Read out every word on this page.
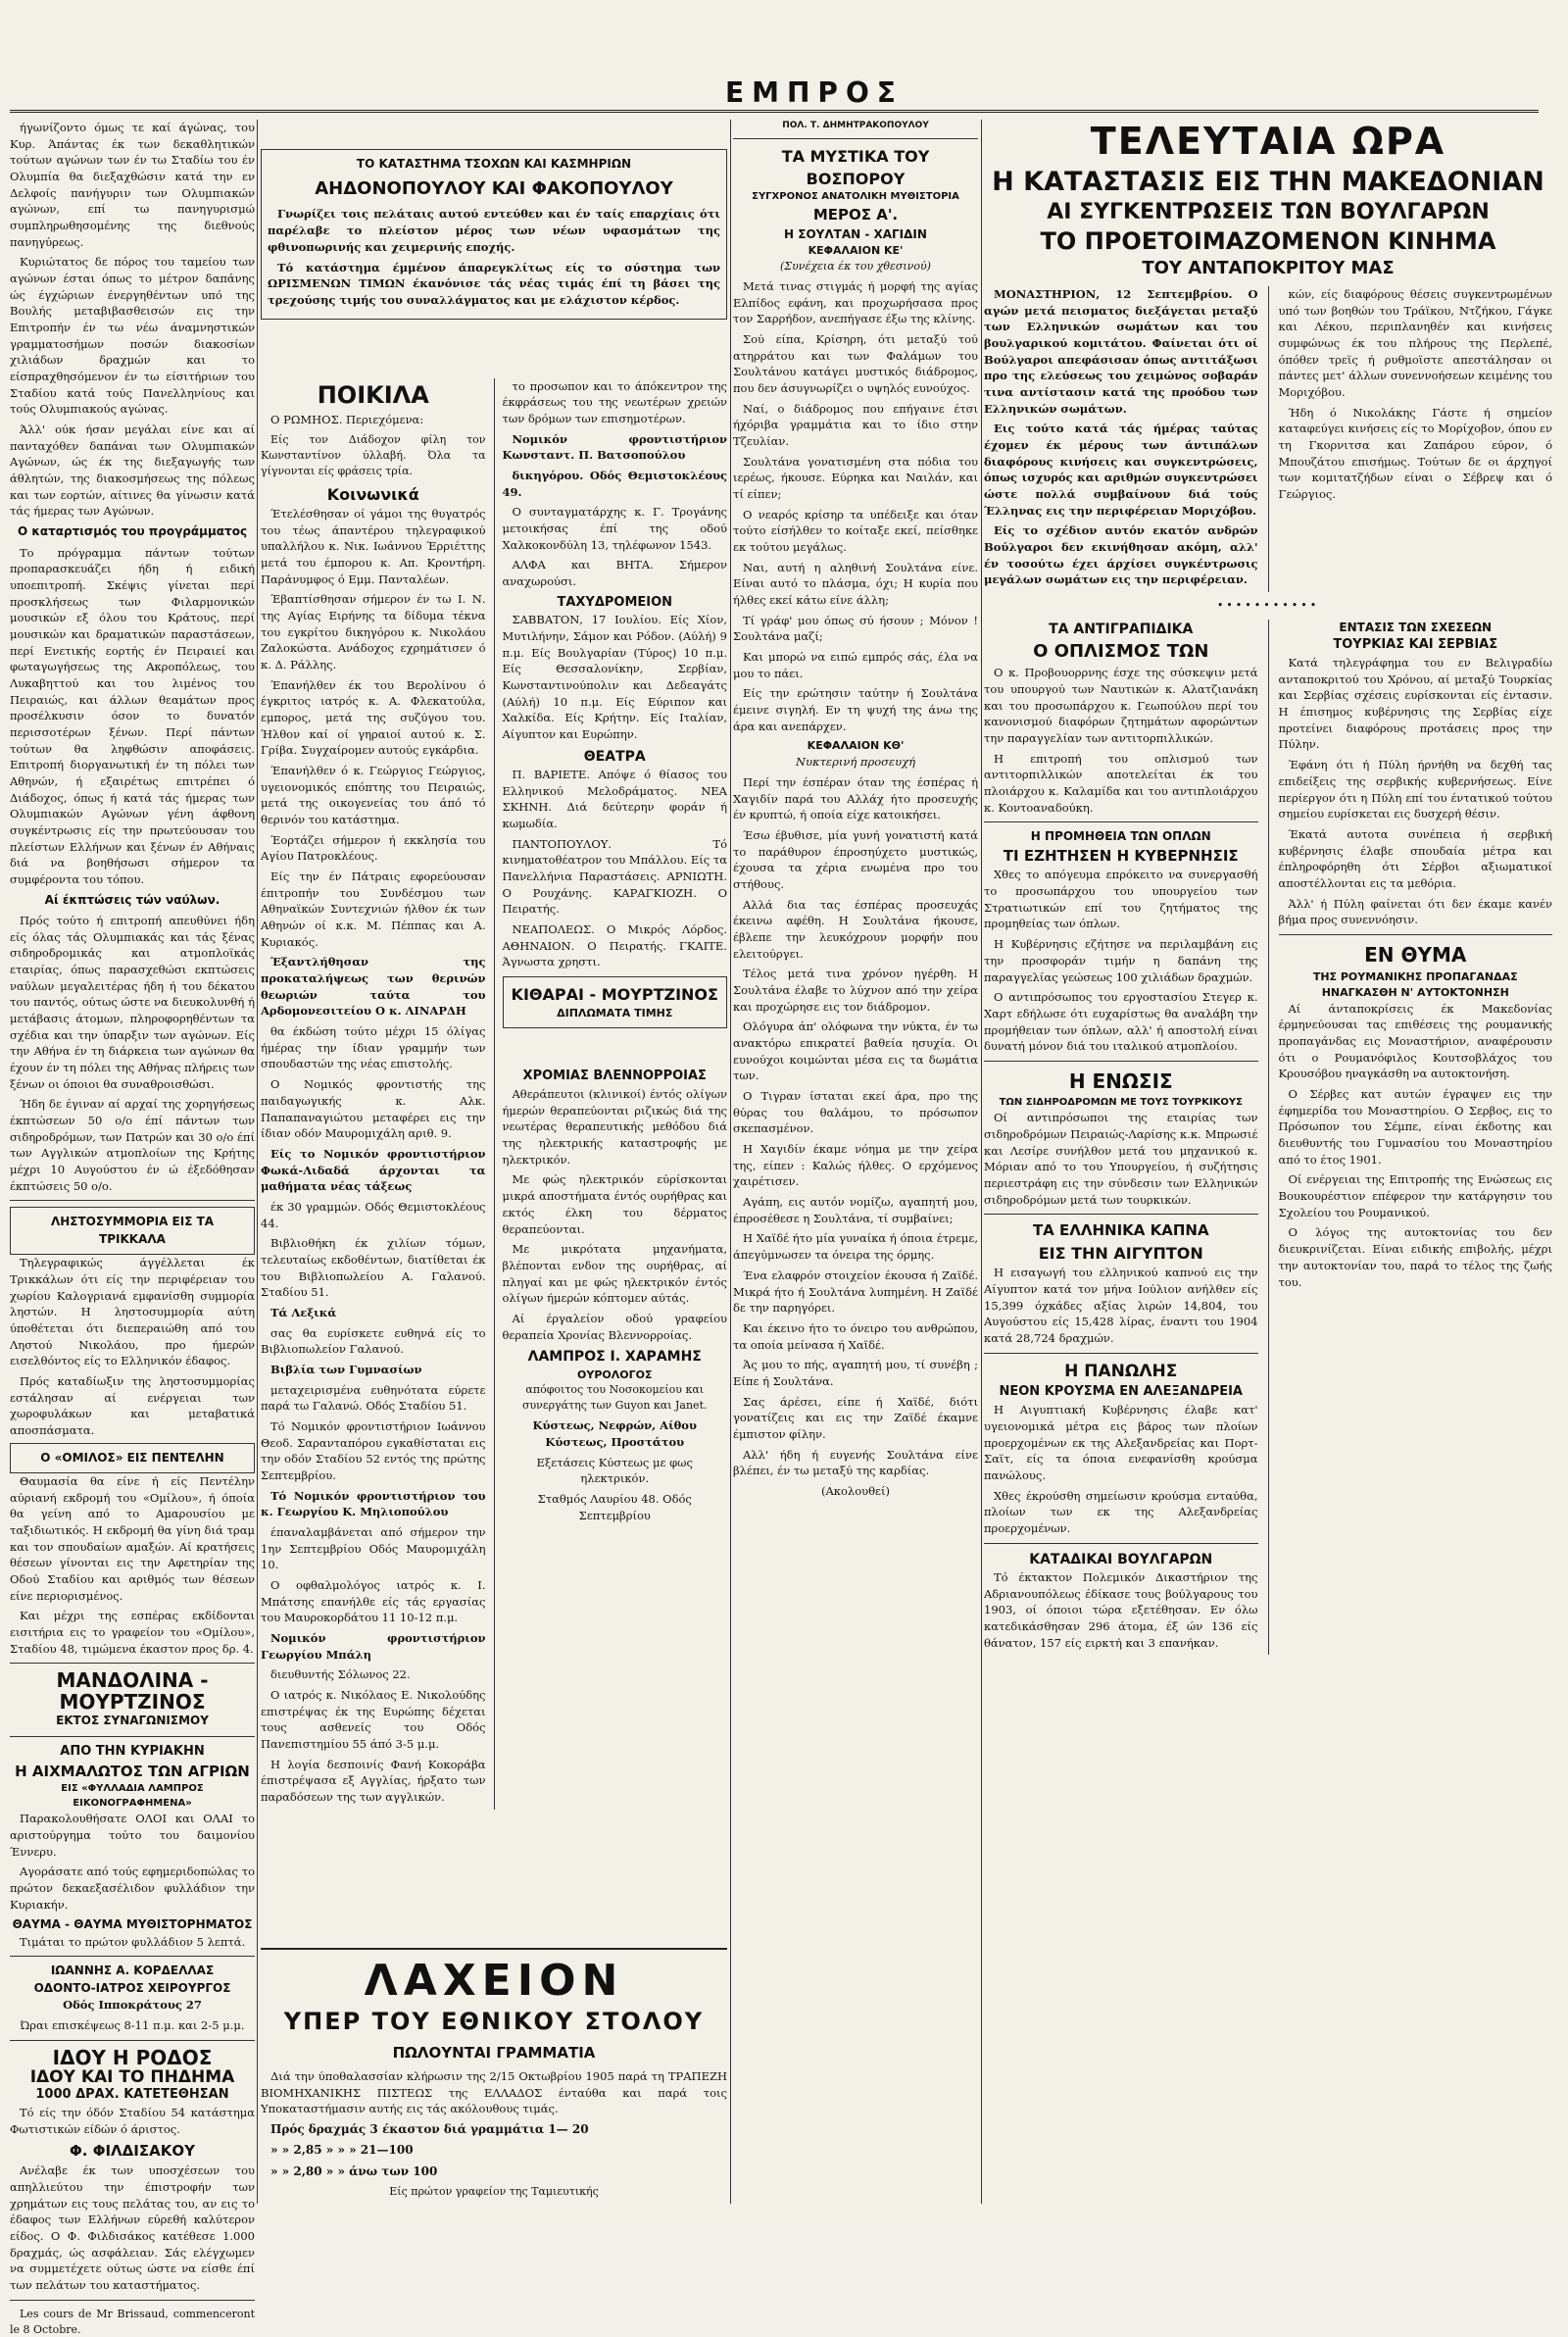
ΕΜΠΡΟΣ

ήγωνίζοντο όμως τε καί άγώνας, του Κυρ. Άπάντας έκ των δεκαθλητικών τούτων αγώνων των έν τω Σταδίω του έν Ολυμπία θα διεξαχθώσιν κατά την εν Δελφοίς πανήγυριν των Ολυμπιακών αγώνων, επί τω πανηγυρισμώ συμπληρωθησομένης της διεθνούς πανηγύρεως.

Κυριώτατος δε πόρος του ταμείου των αγώνων έσται όπως το μέτρον δαπάνης ώς έγχώριων ένεργηθέντων υπό της Βουλής μεταβιβασθεισών εις την Επιτροπήν έν τω νέω άναμνηστικών γραμματοσήμων ποσών διακοσίων χιλιάδων δραχμών και το είσπραχθησόμενον έν τω είσιτήριων του Σταδίου κατά τούς Πανελληνίους και τούς Ολυμπιακούς αγώνας.

Άλλ' ούκ ήσαν μεγάλαι είνε και αί πανταχόθεν δαπάναι των Ολυμπιακών Αγώνων, ώς έκ της διεξαγωγής των άθλητών, της διακοσμήσεως της πόλεως και των εορτών, αίτινες θα γίνωσιν κατά τάς ήμερας των Αγώνων.

Ο καταρτισμός του προγράμματος

Το πρόγραμμα πάντων τούτων προπαρασκευάζει ήδη ή ειδική υποεπιτροπή. Σκέψις γίνεται περί προσκλήσεως των Φιλαρμονικών μουσικών εξ όλου του Κράτους, περί μουσικών και δραματικών παραστάσεων, περί Ενετικής εορτής έν Πειραιεί και φωταγωγήσεως της Ακροπόλεως, του Λυκαβηττού και του λιμένος του Πειραιώς, και άλλων θεαμάτων προς προσέλκυσιν όσον το δυνατόν περισσοτέρων ξένων. Περί πάντων τούτων θα ληφθώσιν αποφάσεις. Επιτροπή διοργανωτική έν τη πόλει των Αθηνών, ή εξαιρέτως επιτρέπει ό Διάδοχος, όπως ή κατά τάς ήμερας των Ολυμπιακών Αγώνων γένη άφθονη συγκέντρωσις είς την πρωτεύουσαν του πλείστων Ελλήνων και ξένων έν Αθήναις διά να βοηθήσωσι σήμερον τα συμφέροντα του τόπου.

Αί έκπτώσεις τών ναύλων.

Πρός τούτο ή επιτροπή απευθύνει ήδη είς όλας τάς Ολυμπιακάς και τάς ξένας σιδηροδρομικάς και ατμοπλοϊκάς εταιρίας, όπως παρασχεθώσι εκπτώσεις ναύλων μεγαλειτέρας ήδη ή του δέκατου του παντός, ούτως ώστε να διευκολυνθή ή μετάβασις άτομων, πληροφορηθέντων τα σχέδια και την ύπαρξιν των αγώνων. Είς την Αθήνα έν τη διάρκεια των αγώνων θα έχουν έν τη πόλει της Αθήνας πλήρεις των ξένων οι όποιοι θα συναθροισθώσι.

Ήδη δε έγιναν αί αρχαί της χορηγήσεως έκπτώσεων 50 ο/ο έπί πάντων των σιδηροδρόμων, των Πατρών και 30 ο/ο έπί των Αγγλικών ατμοπλοίων της Κρήτης μέχρι 10 Αυγούστου έν ώ έξεδόθησαν έκπτώσεις 50 ο/ο.

ΛΗΣΤΟΣΥΜΜΟΡΙΑ ΕΙΣ ΤΑ ΤΡΙΚΚΑΛΑ

Τηλεγραφικώς άγγέλλεται έκ Τρικκάλων ότι είς την περιφέρειαν του χωρίου Καλογριανά εμφανίσθη συμμορία ληστών. Η ληστοσυμμορία αύτη ύποθέτεται ότι διεπεραιώθη από του Ληστού Νικολάου, προ ήμερών εισελθόντος είς το Ελληνικόν έδαφος.

Πρός καταδίωξιν της ληστοσυμμορίας εστάλησαν αί ενέργειαι των χωροφυλάκων και μεταβατικά αποσπάσματα.

Ο «ΟΜΙΛΟΣ» ΕΙΣ ΠΕΝΤΕΛΗΝ

Θαυμασία θα είνε ή είς Πεντέλην αύριανή εκδρομή του «Ομίλου», ή όποία θα γείνη από το Αμαρουσίου με ταξιδιωτικός. Η εκδρομή θα γίνη διά τραμ και τον σπουδαίων αμαξών. Αί κρατήσεις θέσεων γίνονται εις την Αφετηρίαν της Οδού Σταδίου και αριθμός των θέσεων είνε περιορισμένος.

Και μέχρι της εσπέρας εκδίδονται εισιτήρια εις το γραφείον του «Ομίλου», Σταδίου 48, τιμώμενα έκαστον προς δρ. 4.

ΜΑΝΔΟΛΙΝΑ - ΜΟΥΡΤΖΙΝΟΣ
ΕΚΤΟΣ ΣΥΝΑΓΩΝΙΣΜΟΥ
ΑΠΟ ΤΗΝ ΚΥΡΙΑΚΗΝ
Η ΑΙΧΜΑΛΩΤΟΣ ΤΩΝ ΑΓΡΙΩΝ
ΕΙΣ «ΦΥΛΛΑΔΙΑ ΛΑΜΠΡΟΣ ΕΙΚΟΝΟΓΡΑΦΗΜΕΝΑ»

Παρακολουθήσατε ΟΛΟΙ και ΟΛΑΙ το αριστούργημα τούτο του δαιμονίου Έννερυ.

Αγοράσατε από τούς εφημεριδοπώλας το πρώτον δεκαεξασέλιδον φυλλάδιον την Κυριακήν.

ΘΑΥΜΑ - ΘΑΥΜΑ ΜΥΘΙΣΤΟΡΗΜΑΤΟΣ

Τιμάται το πρώτον φυλλάδιον 5 λεπτά.

ΙΩΑΝΝΗΣ Α. ΚΟΡΔΕΛΛΑΣ
ΟΔΟΝΤΟ-ΙΑΤΡΟΣ ΧΕΙΡΟΥΡΓΟΣ

Οδός Ιπποκράτους 27

Ώραι επισκέψεως 8-11 π.μ. και 2-5 μ.μ.

ΙΔΟΥ Η ΡΟΔΟΣ
ΙΔΟΥ ΚΑΙ ΤΟ ΠΗΔΗΜΑ
1000 ΔΡΑΧ. ΚΑΤΕΤΕΘΗΣΑΝ

Τό είς την όδόν Σταδίου 54 κατάστημα Φωτιστικών είδών ό άριστος.

Φ. ΦΙΛΔΙΣΑΚΟΥ

Ανέλαβε έκ των υποσχέσεων του απηλλιεύτου την έπιστροφήν των χρημάτων εις τους πελάτας του, αν εις το έδαφος των Ελλήνων εύρεθή καλύτερον είδος. Ο Φ. Φιλδισάκος κατέθεσε 1.000 δραχμάς, ώς ασφάλειαν. Σάς ελέγχωμεν να συμμετέχετε ούτως ώστε να είσθε έπί των πελάτων του καταστήματος.

Les cours de Mr Brissaud, commenceront le 8 Octobre.

ΤΟ ΚΑΤΑΣΤΗΜΑ ΤΣΟΧΩΝ ΚΑΙ ΚΑΣΜΗΡΙΩΝ
ΑΗΔΟΝΟΠΟΥΛΟΥ ΚΑΙ ΦΑΚΟΠΟΥΛΟΥ

Γνωρίζει τοις πελάταις αυτού εντεύθεν και έν ταίς επαρχίαις ότι παρέλαβε το πλείστον μέρος των νέων υφασμάτων της φθινοπωρινής και χειμερινής εποχής.

Τό κατάστημα έμμένον άπαρεγκλίτως είς το σύστημα των ΩΡΙΣΜΕΝΩΝ ΤΙΜΩΝ έκανόνισε τάς νέας τιμάς έπί τη βάσει της τρεχούσης τιμής του συναλλάγματος και με ελάχιστον κέρδος.

ΠΟΙΚΙΛΑ

Ο ΡΩΜΗΟΣ. Περιεχόμενα:

Είς τον Διάδοχον φίλη τον Κωνσταντίνον ύλλαβή. Όλα τα γίγνονται είς φράσεις τρία.

Κοινωνικά

Έτελέσθησαν οί γάμοι της θυγατρός του τέως άπαντέρου τηλεγραφικού υπαλλήλου κ. Νικ. Ιωάννου Έρριέττης μετά του έμπορου κ. Απ. Κροντήρη. Παράνυμφος ό Εμμ. Πανταλέων.

Έβαπτίσθησαν σήμερον έν τω Ι. Ν. της Αγίας Ειρήνης τα δίδυμα τέκνα του εγκρίτου δικηγόρου κ. Νικολάου Ζαλοκώστα. Ανάδοχος εχρημάτισεν ό κ. Δ. Ράλλης.

Έπανήλθεν έκ του Βερολίνου ό έγκριτος ιατρός κ. Α. Φλεκατούλα, εμπορος, μετά της συζύγου του. Ήλθον καί οί γηραιοί αυτού κ. Σ. Γρίβα. Συγχαίρομεν αυτούς εγκάρδια.

Έπανήλθεν ό κ. Γεώργιος Γεώργιος, υγειονομικός επόπτης του Πειραιώς, μετά της οικογενείας του άπό τό θερινόν του κατάστημα.

Έορτάζει σήμερον ή εκκλησία του Αγίου Πατροκλέους.

Είς την έν Πάτραις εφορεύουσαν έπιτροπήν του Συνδέσμου των Αθηναϊκών Συντεχνιών ήλθον έκ των Αθηνών οί κ.κ. Μ. Πέππας και Α. Κυριακός.

Έξαντλήθησαν της προκαταλήψεως των θερινών θεωριών ταύτα του Αρδομονεσιτείου Ο κ. ΛΙΝΑΡΔΗ

θα έκδώση τούτο μέχρι 15 όλίγας ήμέρας την ίδιαν γραμμήν των σπουδαστών της νέας επιστολής.

Ο Νομικός φροντιστής της παιδαγωγικής κ. Αλκ. Παπαπαναγιώτου μεταφέρει εις την ίδιαν οδόν Μαυρομιχάλη αριθ. 9.

Είς το Νομικόν φροντιστήριον Φωκά-Λιδαδά άρχονται τα μαθήματα νέας τάξεως

έκ 30 γραμμών. Οδός Θεμιστοκλέους 44.

Βιβλιοθήκη έκ χιλίων τόμων, τελευταίως εκδοθέντων, διατίθεται έκ του Βιβλιοπωλείου Α. Γαλανού. Σταδίου 51.

Τά Λεξικά

σας θα ευρίσκετε ευθηνά είς το Βιβλιοπωλείον Γαλανού.

Βιβλία των Γυμνασίων

μεταχειρισμένα ευθηνότατα εύρετε παρά τω Γαλανώ. Οδός Σταδίου 51.

Τό Νομικόν φροντιστήριον Ιωάννου Θεοδ. Σαρανταπόρου εγκαθίσταται εις την οδόν Σταδίου 52 εντός της πρώτης Σεπτεμβρίου.

Τό Νομικόν φροντιστήριον του κ. Γεωργίου Κ. Μηλιοπούλου

έπαναλαμβάνεται από σήμερον την 1ην Σεπτεμβρίου Οδός Μαυρομιχάλη 10.

Ο οφθαλμολόγος ιατρός κ. Ι. Μπάτσης επανήλθε είς τάς εργασίας του Μαυροκορδάτου 11 10-12 π.μ.

Νομικόν φροντιστήριον Γεωργίου Μπάλη

διευθυντής Σόλωνος 22.

Ο ιατρός κ. Νικόλαος Ε. Νικολούδης επιστρέψας έκ της Ευρώπης δέχεται τους ασθενείς του Οδός Πανεπιστημίου 55 άπό 3-5 μ.μ.

Η λογία δεσποινίς Φανή Κοκοράβα έπιστρέψασα εξ Αγγλίας, ήρξατο των παραδόσεων της των αγγλικών.

το προσωπον και το άπόκεντρον της έκφράσεως του της νεωτέρων χρειών των δρόμων των επισημοτέρων.

Νομικόν φροντιστήριον Κωνσταντ. Π. Βατσοπούλου

δικηγόρου. Οδός Θεμιστοκλέους 49.

Ο συνταγματάρχης κ. Γ. Τρογάνης μετοικήσας έπί της οδού Χαλκοκονδύλη 13, τηλέφωνον 1543.

ΑΛΦΑ και ΒΗΤΑ. Σήμερον αναχωρούσι.

ΤΑΧΥΔΡΟΜΕΙΟΝ

ΣΑΒΒΑΤΟΝ, 17 Ιουλίου. Είς Χίον, Μυτιλήνην, Σάμον και Ρόδον. (Αύλή) 9 π.μ. Είς Βουλγαρίαν (Τύρος) 10 π.μ. Είς Θεσσαλονίκην, Σερβίαν, Κωνσταντινούπολιν και Δεδεαγάτς (Αύλή) 10 π.μ. Είς Εύριπον και Χαλκίδα. Είς Κρήτην. Είς Ιταλίαν, Αίγυπτον και Ευρώπην.

ΘΕΑΤΡΑ

Π. ΒΑΡΙΕΤΕ. Απόψε ό θίασος του Ελληνικού Μελοδράματος. ΝΕΑ ΣΚΗΝΗ. Διά δεύτερην φοράν ή κωμωδία.

ΠΑΝΤΟΠΟΥΛΟΥ. Τό κινηματοθέατρον του Μπάλλου. Είς τα Πανελλήνια Παραστάσεις. ΑΡΝΙΩΤΗ. Ο Ρουχάνης. ΚΑΡΑΓΚΙΟΖΗ. Ο Πειρατής.

ΝΕΑΠΟΛΕΩΣ. Ο Μικρός Λόρδος. ΑΘΗΝΑΙΟΝ. Ο Πειρατής. ΓΚΑΙΤΕ. Άγνωστα χρηστι.

ΚΙΘΑΡΑΙ - ΜΟΥΡΤΖΙΝΟΣ
ΔΙΠΛΩΜΑΤΑ ΤΙΜΗΣ
ΧΡΟΜΙΑΣ ΒΛΕΝΝΟΡΡΟΙΑΣ

Αθεράπευτοι (κλινικοί) έντός ολίγων ήμερών θεραπεύονται ριζικώς διά της νεωτέρας θεραπευτικής μεθόδου διά της ηλεκτρικής καταστροφής με ηλεκτρικόν.

Με φώς ηλεκτρικόν εύρίσκονται μικρά αποστήματα έντός ουρήθρας και εκτός έλκη του δέρματος θεραπεύονται.

Με μικρότατα μηχανήματα, βλέπονται ενδον της ουρήθρας, αί πληγαί και με φώς ηλεκτρικόν έντός ολίγων ήμερών κόπτομεν αύτάς.

Αί έργαλείον οδού γραφείου θεραπεία Χρονίας Βλεννορροίας.

ΛΑΜΠΡΟΣ Ι. ΧΑΡΑΜΗΣ
ΟΥΡΟΛΟΓΟΣ

απόφοιτος του Νοσοκομείου και συνεργάτης των Guyon και Janet.

Κύστεως, Νεφρών, Αίθου Κύστεως, Προστάτου

Εξετάσεις Κύστεως με φως ηλεκτρικόν.

Σταθμός Λαυρίου 48. Οδός Σεπτεμβρίου

ΛΑΧΕΙΟΝ
ΥΠΕΡ ΤΟΥ ΕΘΝΙΚΟΥ ΣΤΟΛΟΥ
ΠΩΛΟΥΝΤΑΙ ΓΡΑΜΜΑΤΙΑ

Διά την ύποθαλασσίαν κλήρωσιν της 2/15 Οκτωβρίου 1905 παρά τη ΤΡΑΠΕΖΗ ΒΙΟΜΗΧΑΝΙΚΗΣ ΠΙΣΤΕΩΣ της ΕΛΛΑΔΟΣ ένταύθα και παρά τοις Υποκαταστήμασιν αυτής εις τάς ακόλουθους τιμάς.

Πρός δραχμάς 3 έκαστον διά γραμμάτια 1— 20

» » 2,85 » » » 21—100

» » 2,80 » » άνω των 100

Είς πρώτον γραφείον της Ταμιευτικής

ΠΟΛ. Τ. ΔΗΜΗΤΡΑΚΟΠΟΥΛΟΥ
ΤΑ ΜΥΣΤΙΚΑ ΤΟΥ ΒΟΣΠΟΡΟΥ
ΣΥΓΧΡΟΝΟΣ ΑΝΑΤΟΛΙΚΗ ΜΥΘΙΣΤΟΡΙΑ
ΜΕΡΟΣ Α'.
Η ΣΟΥΛΤΑΝ - ΧΑΓΙΔΙΝ
ΚΕΦΑΛΑΙΟΝ ΚΕ'

(Συνέχεια έκ του χθεσινού)

Μετά τινας στιγμάς ή μορφή της αγίας Ελπίδος εφάνη, και προχωρήσασα προς τον Σαρρήδον, ανεπήγασε έξω της κλίνης.

Σού είπα, Κρίσηρη, ότι μεταξύ τού ατηρράτου και των Φαλάμων του Σουλτάνου κατάγει μυστικός διάδρομος, που δεν άσυγνωρίζει ο υψηλός ευνούχος.

Ναί, ο διάδρομος που επήγαινε έτσι ήχόριβα γραμμάτια και το ίδιο στην Τζευλίαν.

Σουλτάνα γονατισμένη στα πόδια του ιερέως, ήκουσε. Εύρηκα και Ναιλάν, και τί είπεν;

Ο νεαρός κρίσηρ τα υπέδειξε και όταν τούτο είσήλθεν το κοίταξε εκεί, πείσθηκε εκ τούτου μεγάλως.

Ναι, αυτή η αληθινή Σουλτάνα είνε. Είναι αυτό το πλάσμα, όχι; Η κυρία που ήλθες εκεί κάτω είνε άλλη;

Τί γράφ' μου όπως σύ ήσουν ; Μόνον ! Σουλτάνα μαζί;

Και μπορώ να ειπώ εμπρός σάς, έλα να μου το πάει.

Είς την ερώτησιν ταύτην ή Σουλτάνα έμεινε σιγηλή. Εν τη ψυχή της άνω της άρα και ανεπάρχεν.

ΚΕΦΑΛΑΙΟΝ ΚΘ'

Νυκτερινή προσευχή

Περί την έσπέραν όταν της έσπέρας ή Χαγιδίν παρά του Αλλάχ ήτο προσευχής έν κρυπτώ, ή οποία είχε κατοικήσει.

Έσω έβυθισε, μία γυνή γονατιστή κατά το παράθυρον έπροσηύχετο μυστικώς, έχουσα τα χέρια ενωμένα προ του στήθους.

Αλλά δια τας έσπέρας προσευχάς έκεινω αφέθη. Η Σουλτάνα ήκουσε, έβλεπε την λευκόχρουν μορφήν που ελειτούργει.

Τέλος μετά τινα χρόνον ηγέρθη. Η Σουλτάνα έλαβε το λύχνον από την χείρα και προχώρησε εις τον διάδρομον.

Ολόγυρα άπ' ολόφωνα την νύκτα, έν τω ανακτόρω επικρατεί βαθεία ησυχία. Οι ευνούχοι κοιμώνται μέσα εις τα δωμάτια των.

Ο Τιγραν ίσταται εκεί άρα, προ της θύρας του θαλάμου, το πρόσωπον σκεπασμένον.

Η Χαγιδίν έκαμε νόημα με την χείρα της, είπεν : Καλώς ήλθες. Ο ερχόμενος χαιρέτισεν.

Αγάπη, εις αυτόν νομίζω, αγαπητή μου, έπροσέθεσε η Σουλτάνα, τί συμβαίνει;

Η Χαϊδέ ήτο μία γυναίκα ή όποια έτρεμε, άπεγύμνωσεν τα όνειρα της όρμης.

Ένα ελαφρόν στοιχείον έκουσα ή Ζαϊδέ. Μικρά ήτο ή Σουλτάνα λυπημένη. Η Ζαϊδέ δε την παρηγόρει.

Και έκεινο ήτο το όνειρο του ανθρώπου, τα οποία μείνασα ή Χαϊδέ.

Άς μου το πής, αγαπητή μου, τί συνέβη ; Είπε ή Σουλτάνα.

Σας άρέσει, είπε ή Χαϊδέ, διότι γονατίζεις και εις την Ζαϊδέ έκαμνε έμπιστον φίλην.

Αλλ' ήδη ή ευγενής Σουλτάνα είνε βλέπει, έν τω μεταξύ της καρδίας.

(Ακολουθεί)

ΤΕΛΕΥΤΑΙΑ ΩΡΑ
Η ΚΑΤΑΣΤΑΣΙΣ ΕΙΣ ΤΗΝ ΜΑΚΕΔΟΝΙΑΝ
ΑΙ ΣΥΓΚΕΝΤΡΩΣΕΙΣ ΤΩΝ ΒΟΥΛΓΑΡΩΝ
ΤΟ ΠΡΟΕΤΟΙΜΑΖΟΜΕΝΟΝ ΚΙΝΗΜΑ
ΤΟΥ ΑΝΤΑΠΟΚΡΙΤΟΥ ΜΑΣ

ΜΟΝΑΣΤΗΡΙΟΝ, 12 Σεπτεμβρίου. Ο αγών μετά πεισματος διεξάγεται μεταξύ των Ελληνικών σωμάτων και του βουλγαρικού κομιτάτου. Φαίνεται ότι οί Βούλγαροι απεφάσισαν όπως αντιτάξωσι προ της ελεύσεως του χειμώνος σοβαράν τινα αντίστασιν κατά της προόδου των Ελληνικών σωμάτων.

Εις τούτο κατά τάς ήμέρας ταύτας έχομεν έκ μέρους των άντιπάλων διαφόρους κινήσεις και συγκεντρώσεις, όπως ισχυρός και αριθμών συγκεντρώσει ώστε πολλά συμβαίνουν διά τούς Έλληνας εις την περιφέρειαν Μοριχόβου.

Είς το σχέδιον αυτόν εκατόν ανδρών Βούλγαροι δεν εκινήθησαν ακόμη, αλλ' έν τοσούτω έχει άρχίσει συγκέντρωσις μεγάλων σωμάτων εις την περιφέρειαν.

κών, είς διαφόρους θέσεις συγκεντρωμένων υπό των βοηθών του Τράϊκου, Ντζήκου, Γάγκε και Λέκου, περιπλανηθέν και κινήσεις συμφώνως έκ του πλήρους της Περλεπέ, όπόθεν τρεϊς ή ρυθμοϊστε απεστάλησαν οι πάντες μετ' άλλων συνεννοήσεων κειμένης του Μοριχόβου.

Ήδη ό Νικολάκης Γάστε ή σημείον καταφεύγει κινήσεις είς το Μορίχοβον, όπου εν τη Γκορνιτσα και Ζαπάρου εύρον, ό Μπουζάτου επισήμως. Τούτων δε οι άρχηγοί των κομιτατζήδων είναι ο Σέβρεψ και ό Γεώργιος.

•••••••••••
ΤΑ ΑΝΤΙΓΡΑΠΙΔΙΚΑ
Ο ΟΠΛΙΣΜΟΣ ΤΩΝ

Ο κ. Προβουορρνης έσχε της σύσκεψιν μετά του υπουργού των Ναυτικών κ. Αλατζιανάκη και του προσωπάρχου κ. Γεωπούλου περί του κανονισμού διαφόρων ζητημάτων αφορώντων την παραγγελίαν των αντιτορπιλλικών.

Η επιτροπή του οπλισμού των αντιτορπιλλικών αποτελείται έκ του πλοιάρχου κ. Καλαμίδα και του αντιπλοιάρχου κ. Κοντοαναδούκη.

Η ΠΡΟΜΗΘΕΙΑ ΤΩΝ ΟΠΛΩΝ
ΤΙ ΕΖΗΤΗΣΕΝ Η ΚΥΒΕΡΝΗΣΙΣ

Χθες το απόγευμα επρόκειτο να συνεργασθή το προσωπάρχου του υπουργείου των Στρατιωτικών επί του ζητήματος της προμηθείας των όπλων.

Η Κυβέρνησις εζήτησε να περιλαμβάνη εις την προσφοράν τιμήν η δαπάνη της παραγγελίας γεώσεως 100 χιλιάδων δραχμών.

Ο αντιπρόσωπος του εργοστασίου Στεγερ κ. Χαρτ εδήλωσε ότι ευχαρίστως θα αναλάβη την προμήθειαν των όπλων, αλλ' ή αποστολή είναι δυνατή μόνον διά του ιταλικού ατμοπλοίου.

Η ΕΝΩΣΙΣ
ΤΩΝ ΣΙΔΗΡΟΔΡΟΜΩΝ ΜΕ ΤΟΥΣ ΤΟΥΡΚΙΚΟΥΣ

Οί αντιπρόσωποι της εταιρίας των σιδηροδρόμων Πειραιώς-Λαρίσης κ.κ. Μπρωσιέ και Λεσίρε συνήλθον μετά του μηχανικού κ. Μόριαν από το του Υπουργείου, ή συζήτησις περιεστράφη εις την σύνδεσιν των Ελληνικών σιδηροδρόμων μετά των τουρκικών.

ΤΑ ΕΛΛΗΝΙΚΑ ΚΑΠΝΑ
ΕΙΣ ΤΗΝ ΑΙΓΥΠΤΟΝ

Η εισαγωγή του ελληνικού καπνού εις την Αίγυπτον κατά τον μήνα Ιούλιον ανήλθεν είς 15,399 όχκάδες αξίας λιρών 14,804, του Αυγούστου είς 15,428 λίρας, έναντι του 1904 κατά 28,724 δραχμών.

Η ΠΑΝΩΛΗΣ
ΝΕΟΝ ΚΡΟΥΣΜΑ ΕΝ ΑΛΕΞΑΝΔΡΕΙΑ

Η Αιγυπτιακή Κυβέρνησις έλαβε κατ' υγειονομικά μέτρα εις βάρος των πλοίων προερχομένων εκ της Αλεξανδρείας και Πορτ-Σαϊτ, είς τα όποια ενεφανίσθη κρούσμα πανώλους.

Χθες έκρούσθη σημείωσιν κρούσμα ενταύθα, πλοίων των εκ της Αλεξανδρείας προερχομένων.

ΚΑΤΑΔΙΚΑΙ ΒΟΥΛΓΑΡΩΝ

Τό έκτακτον Πολεμικόν Δικαστήριον της Αδριανουπόλεως έδίκασε τους βούλγαρους του 1903, οί όποιοι τώρα εξετέθησαν. Εν όλω κατεδικάσθησαν 296 άτομα, έξ ών 136 είς θάνατον, 157 είς ειρκτή και 3 επανήκαν.

ΕΝΤΑΣΙΣ ΤΩΝ ΣΧΕΣΕΩΝ
ΤΟΥΡΚΙΑΣ ΚΑΙ ΣΕΡΒΙΑΣ

Κατά τηλεγράφημα του εν Βελιγραδίω ανταποκριτού του Χρόνου, αί μεταξύ Τουρκίας και Σερβίας σχέσεις ευρίσκονται είς έντασιν. Η έπισημος κυβέρνησις της Σερβίας είχε προτείνει διαφόρους προτάσεις προς την Πύλην.

Έφάνη ότι ή Πύλη ήρνήθη να δεχθή τας επιδείξεις της σερβικής κυβερνήσεως. Είνε περίεργον ότι η Πύλη επί του έντατικού τούτου σημείου ευρίσκεται εις δυσχερή θέσιν.

Έκατά αυτοτα συνέπεια ή σερβική κυβέρνησις έλαβε σπουδαία μέτρα και έπληροφόρηθη ότι Σέρβοι αξιωματικοί αποστέλλονται εις τα μεθόρια.

Άλλ' ή Πύλη φαίνεται ότι δεν έκαμε κανέν βήμα προς συνεννόησιν.

ΕΝ ΘΥΜΑ
ΤΗΣ ΡΟΥΜΑΝΙΚΗΣ ΠΡΟΠΑΓΑΝΔΑΣ
ΗΝΑΓΚΑΣΘΗ Ν' ΑΥΤΟΚΤΟΝΗΣΗ

Αί άνταποκρίσεις έκ Μακεδονίας έρμηνεύουσαι τας επιθέσεις της ρουμανικής προπαγάνδας εις Μοναστήριον, αναφέρουσιν ότι ο Ρουμανόφιλος Κουτσοβλάχος του Κρουσόβου ηναγκάσθη να αυτοκτονήση.

Ο Σέρβες κατ αυτών έγραψεν εις την έφημερίδα του Μοναστηρίου. Ο Σερβος, εις το Πρόσωπον του Σέμπε, είναι έκδοτης και διευθυντής του Γυμνασίου του Μοναστηρίου από το έτος 1901.

Οί ενέργειαι της Επιτροπής της Ενώσεως εις Βουκουρέστιον επέφερον την κατάργησιν του Σχολείου του Ρουμανικού.

Ο λόγος της αυτοκτονίας του δεν διευκρινίζεται. Είναι ειδικής επιβολής, μέχρι την αυτοκτονίαν του, παρά το τέλος της ζωής του.
